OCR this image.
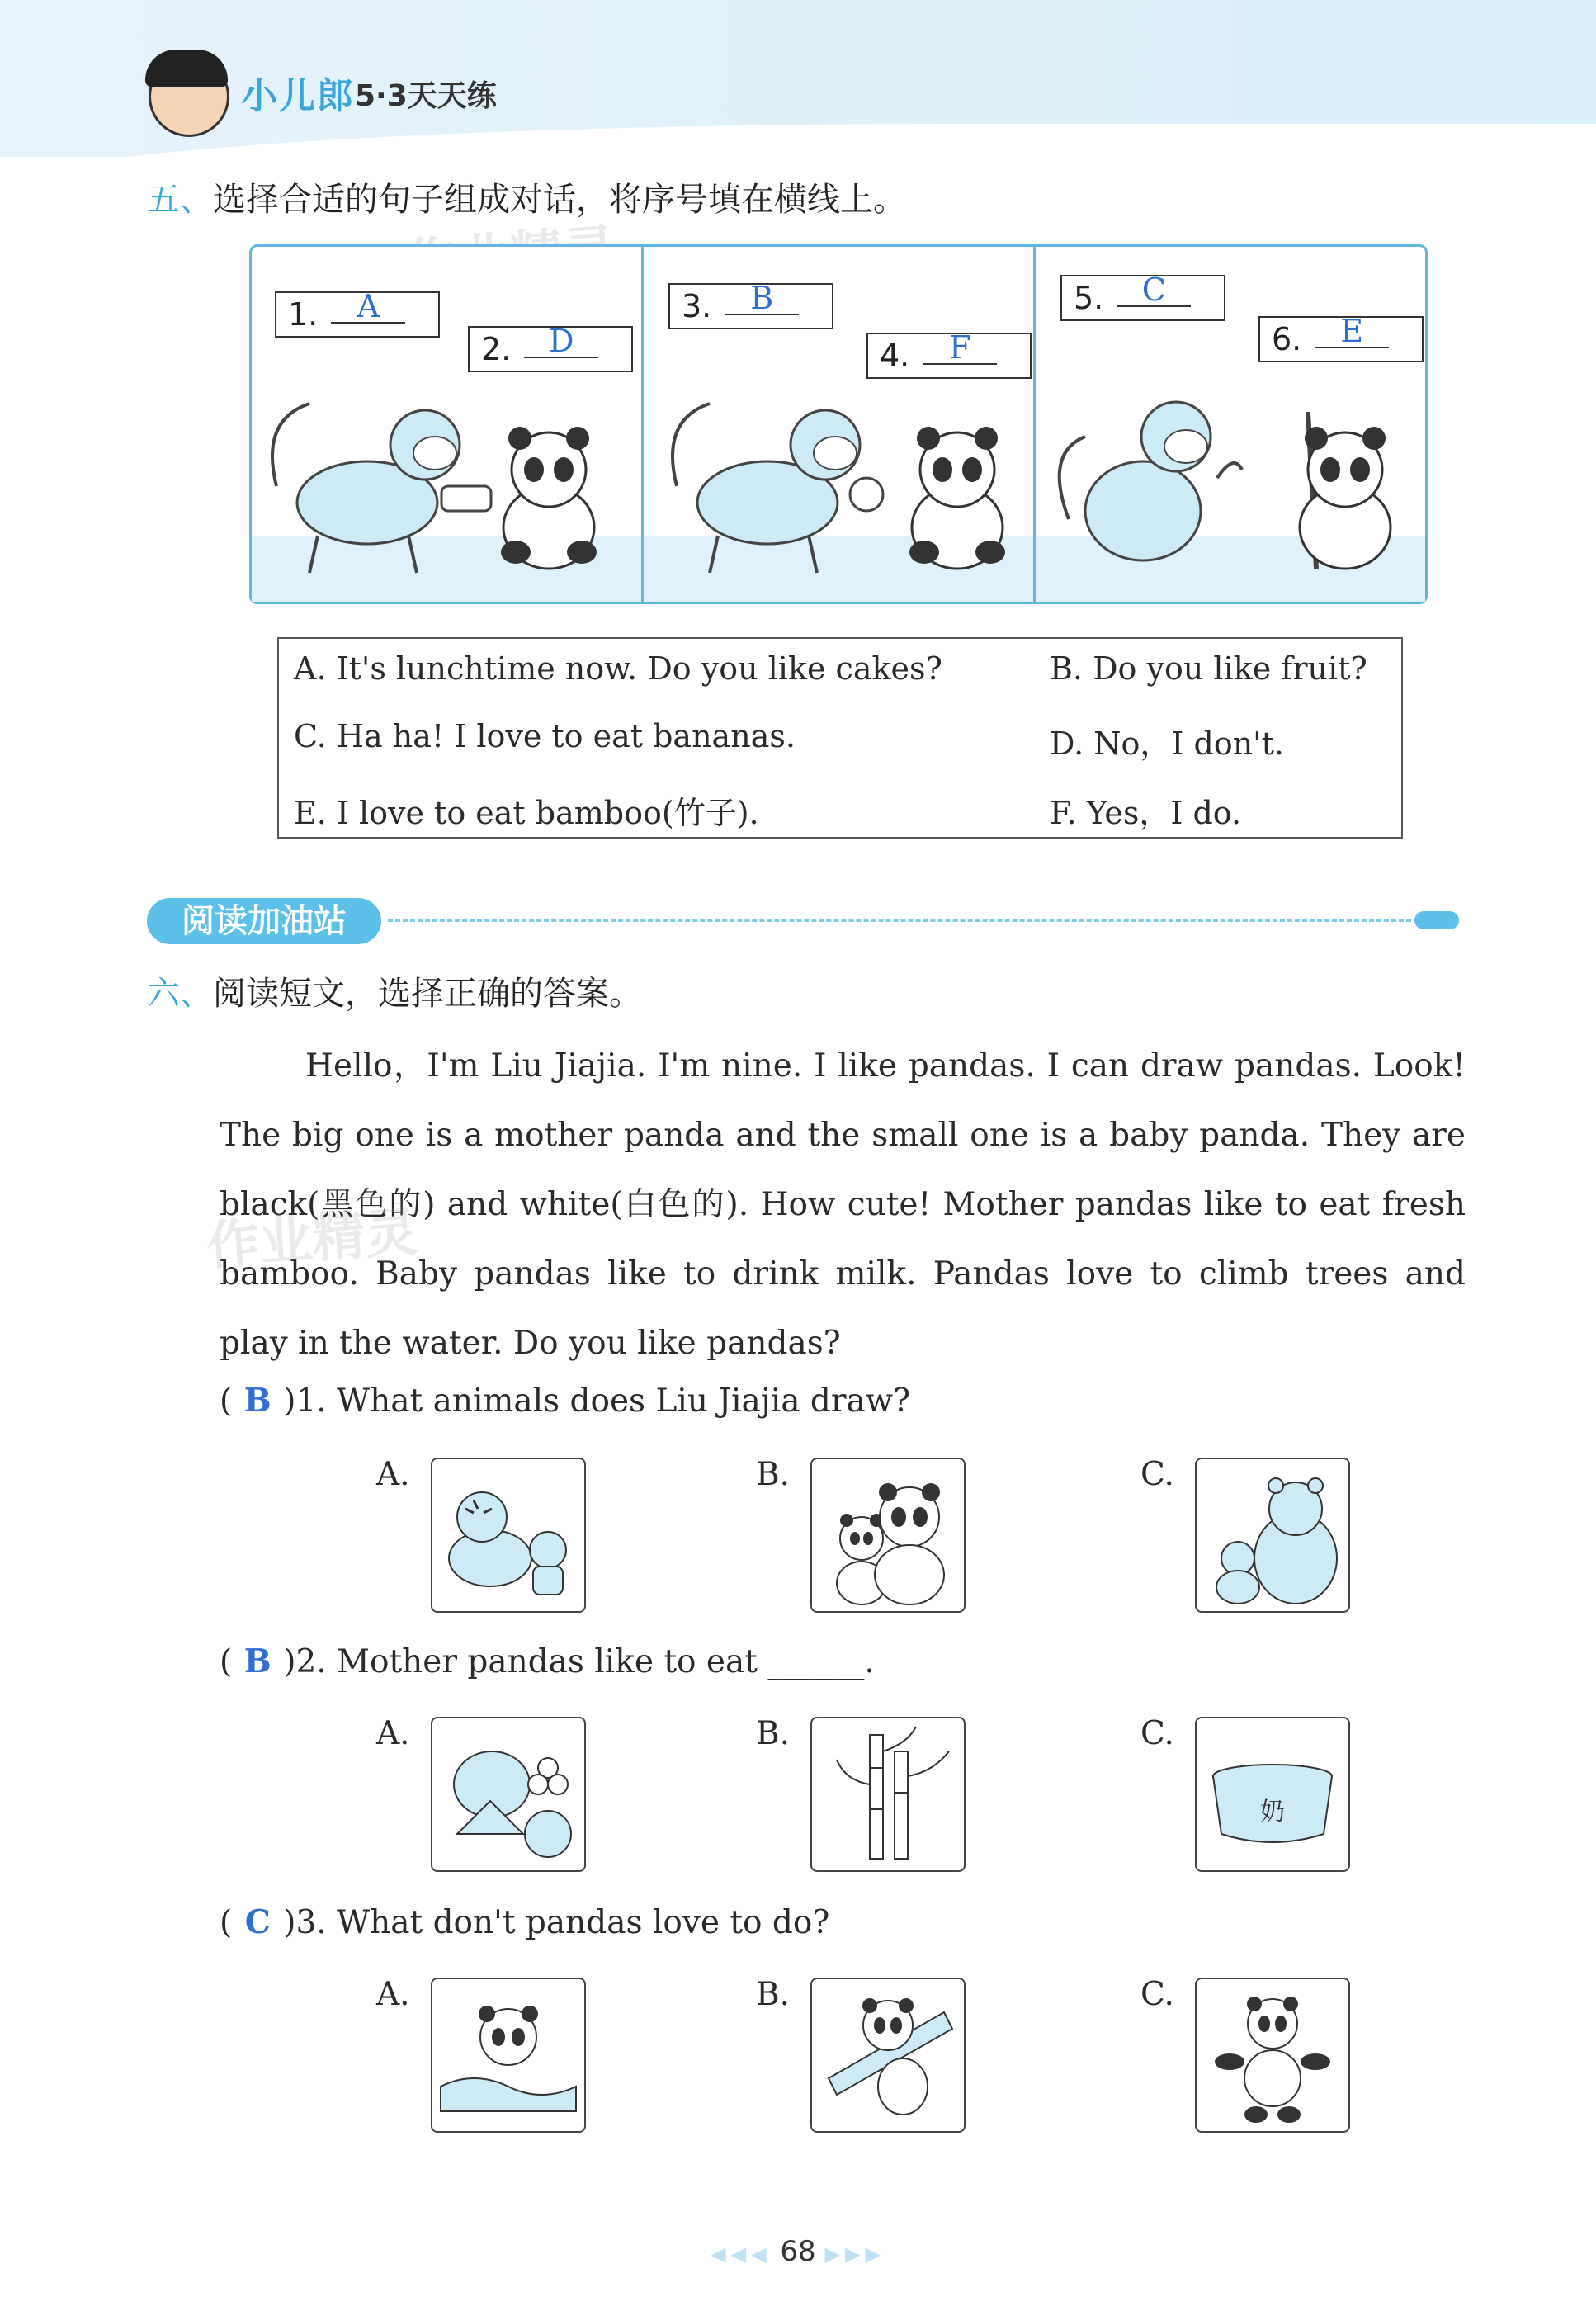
小儿郎 5·3天天练
五、选择合适的句子组成对话，将序号填在横线上。
1.	A
2.	D
3.	B
4.	F
5.	C
6.	E
A. It's lunchtime now. Do you like cakes?	B. Do you like fruit?
C. Ha ha! I love to eat bananas.	D. No，I don't.
E. I love to eat bamboo(竹子).	F. Yes，I do.
阅读加油站
六、阅读短文，选择正确的答案。
Hello，I'm Liu Jiajia. I'm nine. I like pandas. I can draw pandas. Look! The big one is a mother panda and the small one is a baby panda. They are black(黑色的) and white(白色的). How cute! Mother pandas like to eat fresh bamboo. Baby pandas like to drink milk. Pandas love to climb trees and play in the water. Do you like pandas?
作业精灵
( B )1. What animals does Liu Jiajia draw?
A.	B.	C.
( B )2. Mother pandas like to eat ______.
A.	B.	C.
奶
( C )3. What don't pandas love to do?
A.	B.	C.
◀◀◀ 68 ▶▶▶
